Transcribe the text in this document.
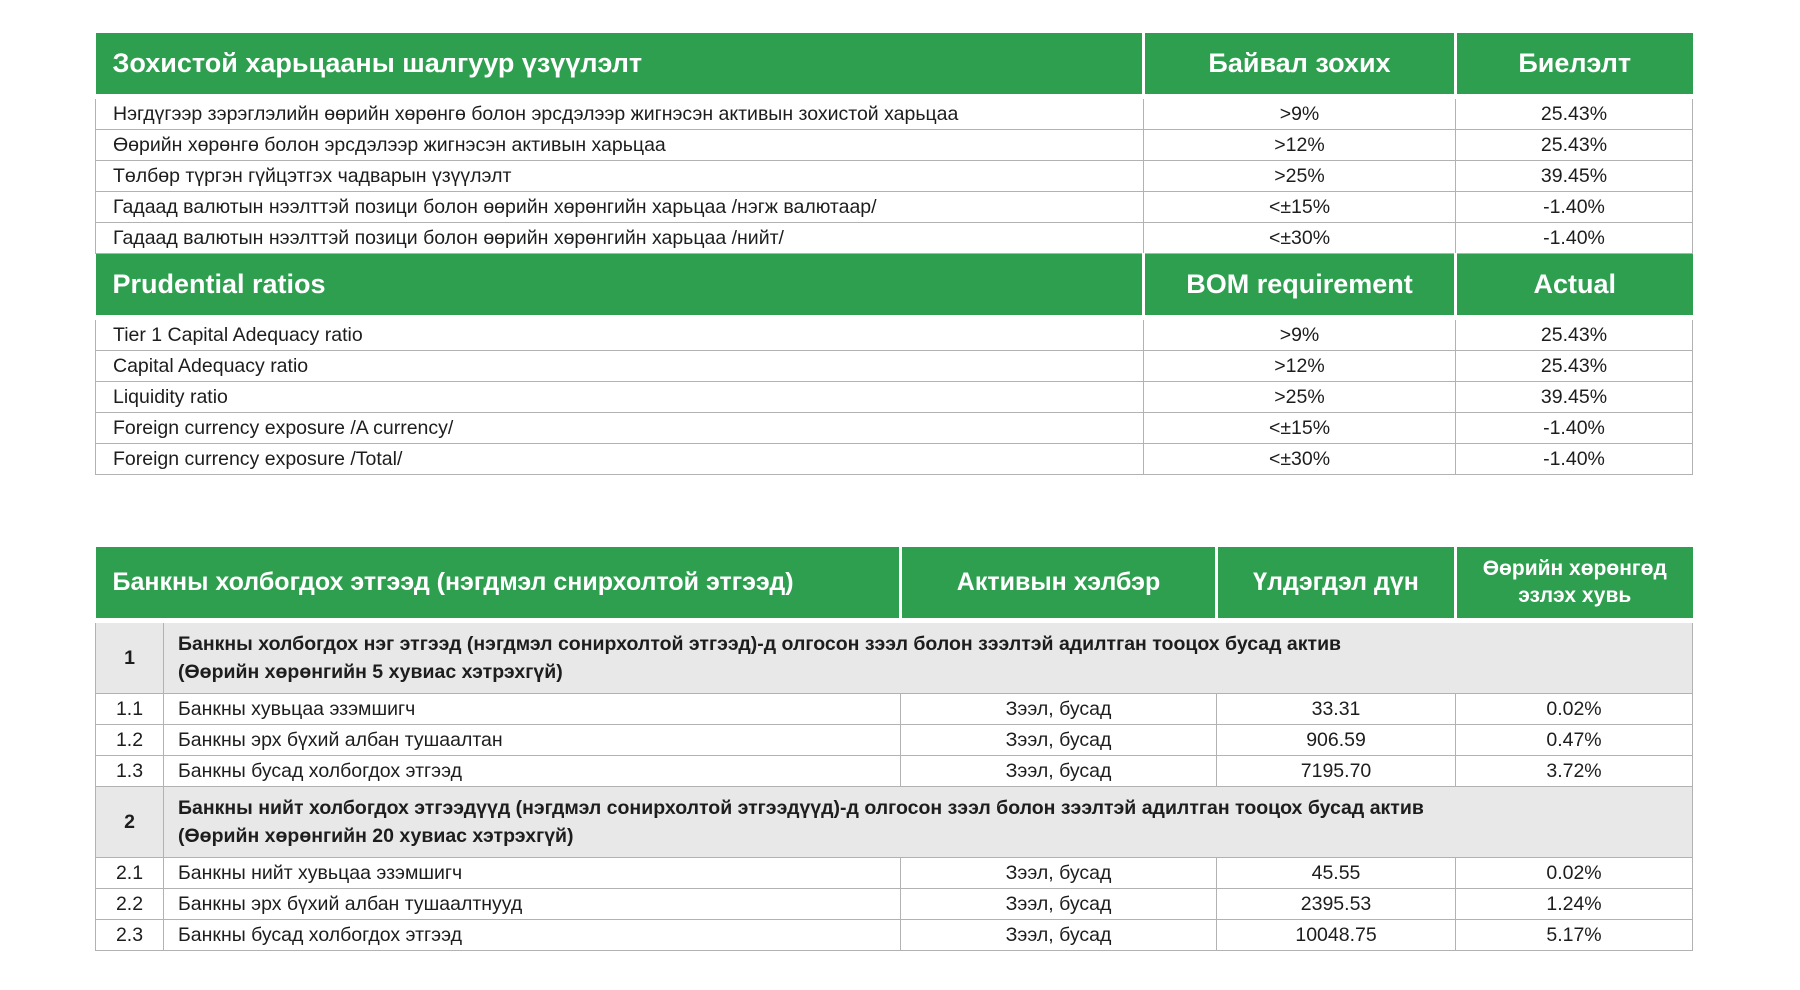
Зохистой харьцааны шалгуур үзүүлэлт	Байвал зохих	Биелэлт
Нэгдүгээр зэрэглэлийн өөрийн хөрөнгө болон эрсдэлээр жигнэсэн активын зохистой харьцаа	>9%	25.43%
Өөрийн хөрөнгө болон эрсдэлээр жигнэсэн активын харьцаа	>12%	25.43%
Төлбөр түргэн гүйцэтгэх чадварын үзүүлэлт	>25%	39.45%
Гадаад валютын нээлттэй позици болон өөрийн хөрөнгийн харьцаа /нэгж валютаар/	<±15%	-1.40%
Гадаад валютын нээлттэй позици болон өөрийн хөрөнгийн харьцаа /нийт/	<±30%	-1.40%
Prudential ratios	BOM requirement	Actual
Tier 1 Capital Adequacy ratio	>9%	25.43%
Capital Adequacy ratio	>12%	25.43%
Liquidity ratio	>25%	39.45%
Foreign currency exposure /A currency/	<±15%	-1.40%
Foreign currency exposure /Total/	<±30%	-1.40%
Банкны холбогдох этгээд (нэгдмэл снирхолтой этгээд)		Активын хэлбэр	Үлдэгдэл дүн	Өөрийн хөрөнгөд эзлэх хувь
1	Банкны холбогдох нэг этгээд (нэгдмэл сонирхолтой этгээд)-д олгосон зээл болон зээлтэй адилтган тооцох бусад актив
(Өөрийн хөрөнгийн 5 хувиас хэтрэхгүй)			

1.1	Банкны хувьцаа эзэмшигч	Зээл, бусад	33.31	0.02%
1.2	Банкны эрх бүхий албан тушаалтан	Зээл, бусад	906.59	0.47%
1.3	Банкны бусад холбогдох этгээд	Зээл, бусад	7195.70	3.72%
2	Банкны нийт холбогдох этгээдүүд (нэгдмэл сонирхолтой этгээдүүд)-д олгосон зээл болон зээлтэй адилтган тооцох бусад актив
(Өөрийн хөрөнгийн 20 хувиас хэтрэхгүй)			

2.1	Банкны нийт хувьцаа эзэмшигч	Зээл, бусад	45.55	0.02%
2.2	Банкны эрх бүхий албан тушаалтнууд	Зээл, бусад	2395.53	1.24%
2.3	Банкны бусад холбогдох этгээд	Зээл, бусад	10048.75	5.17%
